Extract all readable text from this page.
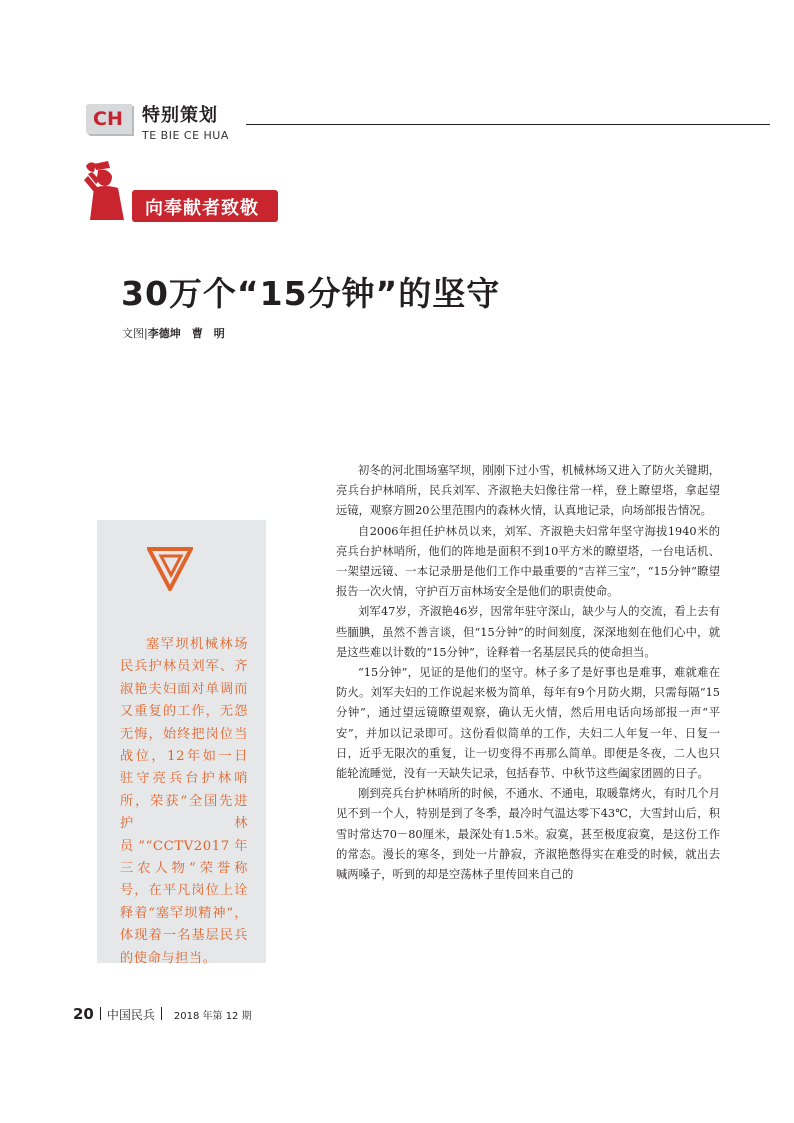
CH 特别策划
TE BIE CE HUA
向奉献者致敬
30万个“15分钟”的坚守
文图|李德坤　曹　明
塞罕坝机械林场民兵护林员刘军、齐淑艳夫妇面对单调而又重复的工作，无怨无悔，始终把岗位当战位，12年如一日驻守亮兵台护林哨所，荣获“全国先进护林员”“CCTV2017年三农人物”荣誉称号，在平凡岗位上诠释着“塞罕坝精神”，体现着一名基层民兵的使命与担当。

初冬的河北围场塞罕坝，刚刚下过小雪，机械林场又进入了防火关键期，亮兵台护林哨所，民兵刘军、齐淑艳夫妇像往常一样，登上瞭望塔，拿起望远镜，观察方圆20公里范围内的森林火情，认真地记录，向场部报告情况。

自2006年担任护林员以来，刘军、齐淑艳夫妇常年坚守海拔1940米的亮兵台护林哨所，他们的阵地是面积不到10平方米的瞭望塔，一台电话机、一架望远镜、一本记录册是他们工作中最重要的“吉祥三宝”，“15分钟”瞭望报告一次火情，守护百万亩林场安全是他们的职责使命。

刘军47岁，齐淑艳46岁，因常年驻守深山，缺少与人的交流，看上去有些腼腆，虽然不善言谈，但“15分钟”的时间刻度，深深地刻在他们心中，就是这些难以计数的“15分钟”，诠释着一名基层民兵的使命担当。

“15分钟”，见证的是他们的坚守。林子多了是好事也是难事，难就难在防火。刘军夫妇的工作说起来极为简单，每年有9个月防火期，只需每隔“15分钟”，通过望远镜瞭望观察，确认无火情，然后用电话向场部报一声“平安”，并加以记录即可。这份看似简单的工作，夫妇二人年复一年、日复一日，近乎无限次的重复，让一切变得不再那么简单。即便是冬夜，二人也只能轮流睡觉，没有一天缺失记录，包括春节、中秋节这些阖家团圆的日子。

刚到亮兵台护林哨所的时候，不通水、不通电，取暖靠烤火，有时几个月见不到一个人，特别是到了冬季，最冷时气温达零下43℃，大雪封山后，积雪时常达70－80厘米，最深处有1.5米。寂寞，甚至极度寂寞，是这份工作的常态。漫长的寒冬，到处一片静寂，齐淑艳憋得实在难受的时候，就出去喊两嗓子，听到的却是空荡林子里传回来自己的

20 中国民兵 2018 年第 12 期
